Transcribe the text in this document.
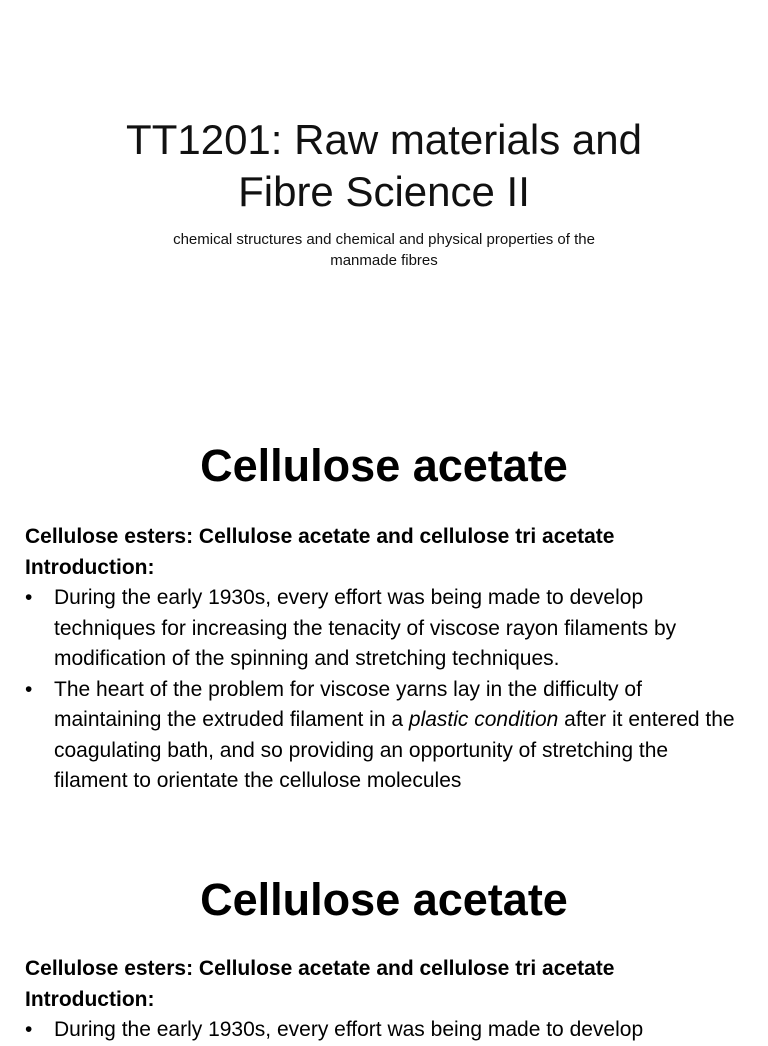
TT1201: Raw materials and
Fibre Science II
chemical structures and chemical and physical properties of the
manmade fibres
Cellulose acetate
Cellulose esters: Cellulose acetate and cellulose tri acetate
Introduction:
•	During the early 1930s, every effort was being made to develop techniques for increasing the tenacity of viscose rayon filaments by modification of the spinning and stretching techniques.
•	The heart of the problem for viscose yarns lay in the difficulty of maintaining the extruded filament in a plastic condition after it entered the coagulating bath, and so providing an opportunity of stretching the filament to orientate the cellulose molecules
Cellulose acetate
Cellulose esters: Cellulose acetate and cellulose tri acetate
Introduction:
•	During the early 1930s, every effort was being made to develop
